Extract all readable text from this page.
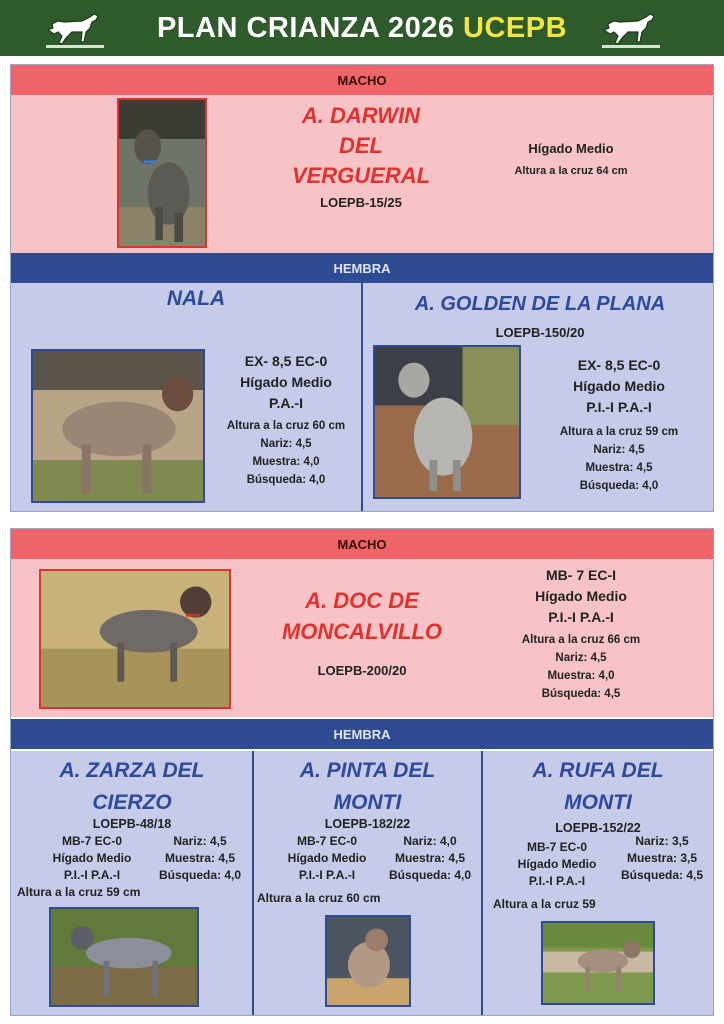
PLAN CRIANZA 2026 UCEPB
MACHO
A. DARWIN
DEL
VERGUERAL
LOEPB-15/25
Hígado Medio
Altura a la cruz 64 cm
HEMBRA
NALA
EX- 8,5 EC-0
Hígado Medio
P.A.-I
Altura a la cruz 60 cm
Nariz: 4,5
Muestra: 4,0
Búsqueda: 4,0
A. GOLDEN DE LA PLANA
LOEPB-150/20
EX- 8,5 EC-0
Hígado Medio
P.I.-I P.A.-I
Altura a la cruz 59 cm
Nariz: 4,5
Muestra: 4,5
Búsqueda: 4,0
MACHO
A. DOC DE
MONCALVILLO
LOEPB-200/20
MB- 7 EC-I
Hígado Medio
P.I.-I P.A.-I
Altura a la cruz 66 cm
Nariz: 4,5
Muestra: 4,0
Búsqueda: 4,5
HEMBRA
A. ZARZA DEL
CIERZO
LOEPB-48/18
MB-7 EC-0
Hígado Medio
P.I.-I P.A.-I
Nariz: 4,5
Muestra: 4,5
Búsqueda: 4,0
Altura a la cruz 59 cm
A. PINTA DEL
MONTI
LOEPB-182/22
MB-7 EC-0
Hígado Medio
P.I.-I P.A.-I
Nariz: 4,0
Muestra: 4,5
Búsqueda: 4,0
Altura a la cruz 60 cm
A. RUFA DEL
MONTI
LOEPB-152/22
MB-7 EC-0
Hígado Medio
P.I.-I P.A.-I
Nariz: 3,5
Muestra: 3,5
Búsqueda: 4,5
Altura a la cruz 59
